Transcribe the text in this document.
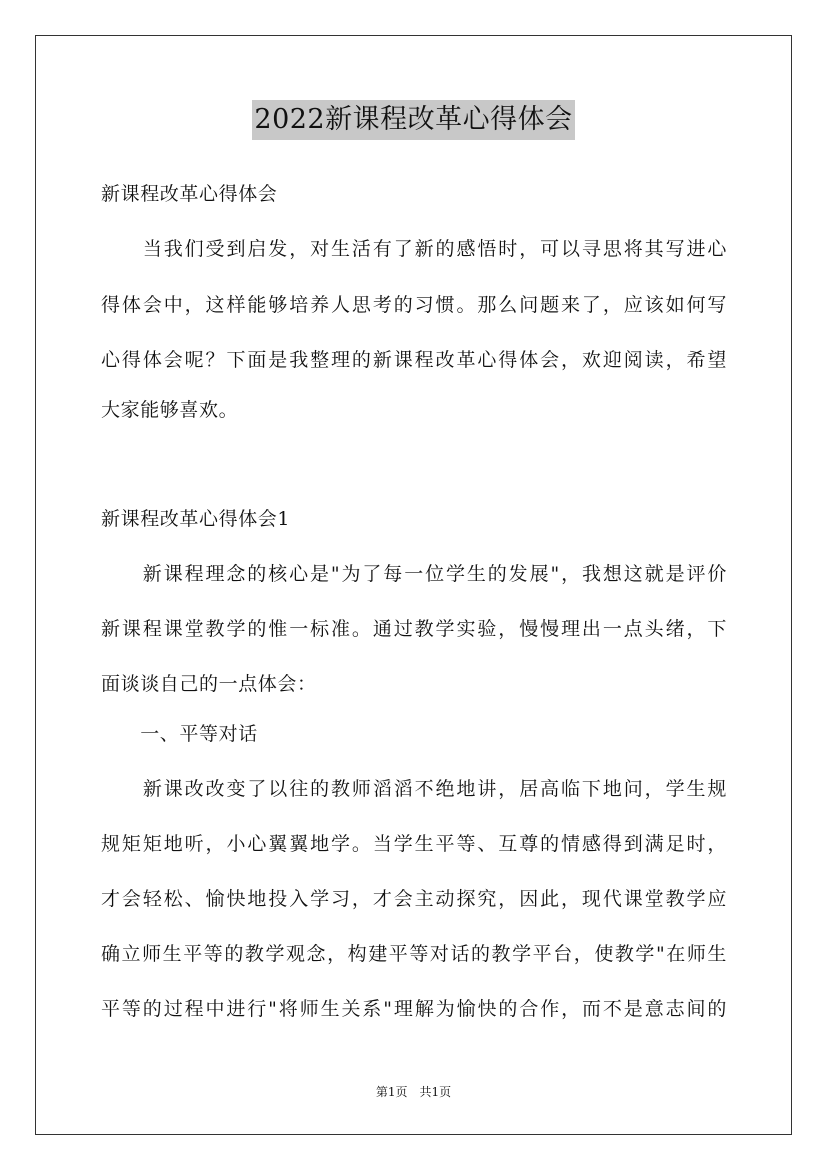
2022新课程改革心得体会
新课程改革心得体会
　　当我们受到启发，对生活有了新的感悟时，可以寻思将其写进心
得体会中，这样能够培养人思考的习惯。那么问题来了，应该如何写
心得体会呢？下面是我整理的新课程改革心得体会，欢迎阅读，希望
大家能够喜欢。
新课程改革心得体会1
　　新课程理念的核心是"为了每一位学生的发展"，我想这就是评价
新课程课堂教学的惟一标准。通过教学实验，慢慢理出一点头绪，下
面谈谈自己的一点体会：
　　一、平等对话
　　新课改改变了以往的教师滔滔不绝地讲，居高临下地问，学生规
规矩矩地听，小心翼翼地学。当学生平等、互尊的情感得到满足时，
才会轻松、愉快地投入学习，才会主动探究，因此，现代课堂教学应
确立师生平等的教学观念，构建平等对话的教学平台，使教学"在师生
平等的过程中进行"将师生关系"理解为愉快的合作，而不是意志间的
第1页　共1页
